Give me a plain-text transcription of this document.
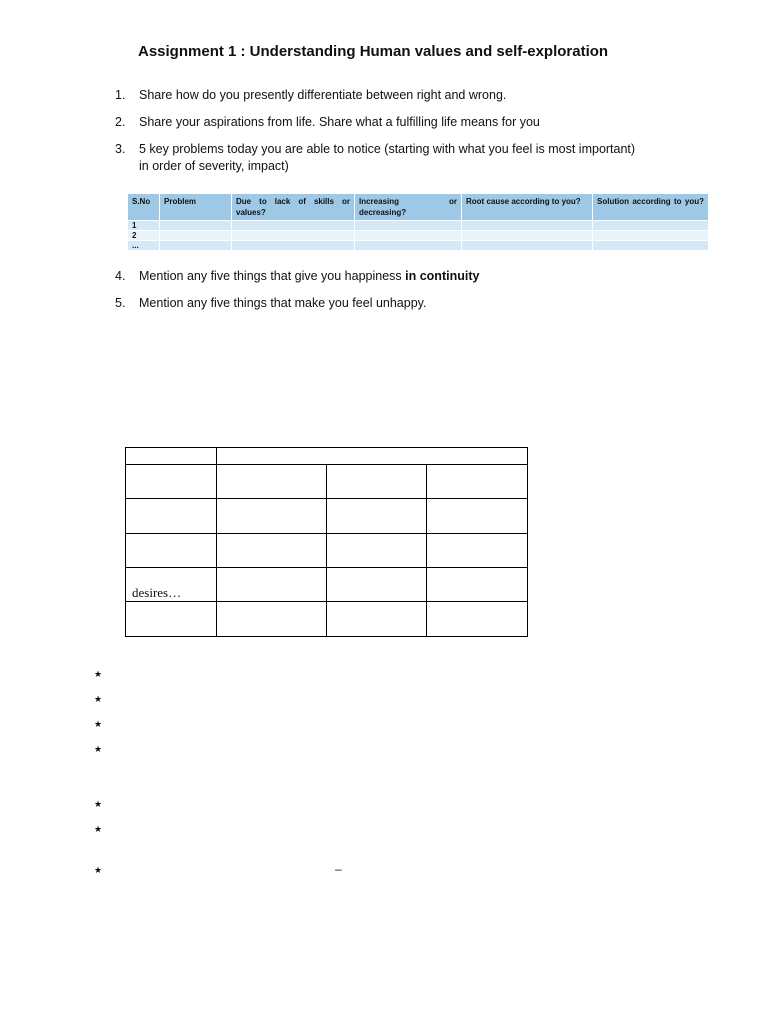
Assignment 1 : Understanding Human values and self-exploration
1. Share how do you presently differentiate between right and wrong.
2. Share your aspirations from life. Share what a fulfilling life means for you
3. 5 key problems today you are able to notice (starting with what you feel is most important)
in order of severity, impact)
S.No	Problem	Due to lack of skills or values?	Increasing or decreasing?	Root cause according to you?	Solution according to you?
1					
2					
...					
4. Mention any five things that give you happiness in continuity
5. Mention any five things that make you feel unhappy.
desires…
★
★
★
★
★
★
★	–
